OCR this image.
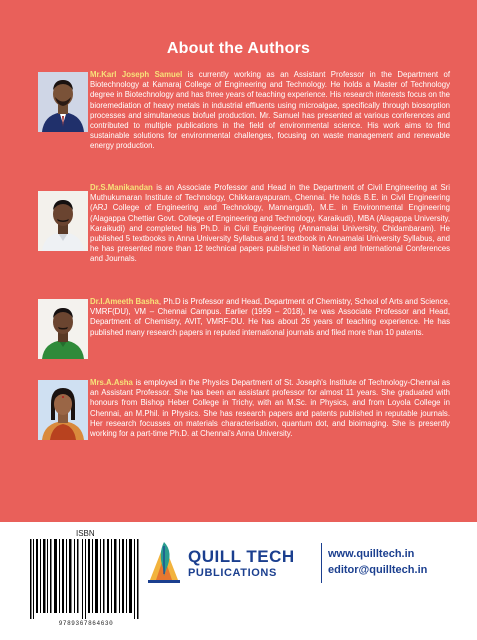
About the Authors

Mr.Karl Joseph Samuel is currently working as an Assistant Professor in the Department of Biotechnology at Kamaraj College of Engineering and Technology. He holds a Master of Technology degree in Biotechnology and has three years of teaching experience. His research interests focus on the bioremediation of heavy metals in industrial effluents using microalgae, specifically through biosorption processes and simultaneous biofuel production. Mr. Samuel has presented at various conferences and contributed to multiple publications in the field of environmental science. His work aims to find sustainable solutions for environmental challenges, focusing on waste management and renewable energy production.

Dr.S.Manikandan is an Associate Professor and Head in the Department of Civil Engineering at Sri Muthukumaran Institute of Technology, Chikkarayapuram, Chennai. He holds B.E. in Civil Engineering (ARJ College of Engineering and Technology, Mannargudi), M.E. in Environmental Engineering (Alagappa Chettiar Govt. College of Engineering and Technology, Karaikudi), MBA (Alagappa University, Karaikudi) and completed his Ph.D. in Civil Engineering (Annamalai University, Chidambaram). He published 5 textbooks in Anna University Syllabus and 1 textbook in Annamalai University Syllabus, and he has presented more than 12 technical papers published in National and International Conferences and Journals.

Dr.I.Ameeth Basha, Ph.D is Professor and Head, Department of Chemistry, School of Arts and Science, VMRF(DU), VM – Chennai Campus. Earlier (1999 – 2018), he was Associate Professor and Head, Department of Chemistry, AVIT, VMRF-DU. He has about 26 years of teaching experience. He has published many research papers in reputed international journals and filed more than 10 patents.

Mrs.A.Asha is employed in the Physics Department of St. Joseph's Institute of Technology-Chennai as an Assistant Professor. She has been an assistant professor for almost 11 years. She graduated with honours from Bishop Heber College in Trichy, with an M.Sc. in Physics, and from Loyola College in Chennai, an M.Phil. in Physics. She has research papers and patents published in reputable journals. Her research focusses on materials characterisation, quantum dot, and bioimaging. She is presently working for a part-time Ph.D. at Chennai's Anna University.

ISBN
9789367864630
QUILL TECH
PUBLICATIONS
www.quilltech.in
editor@quilltech.in
